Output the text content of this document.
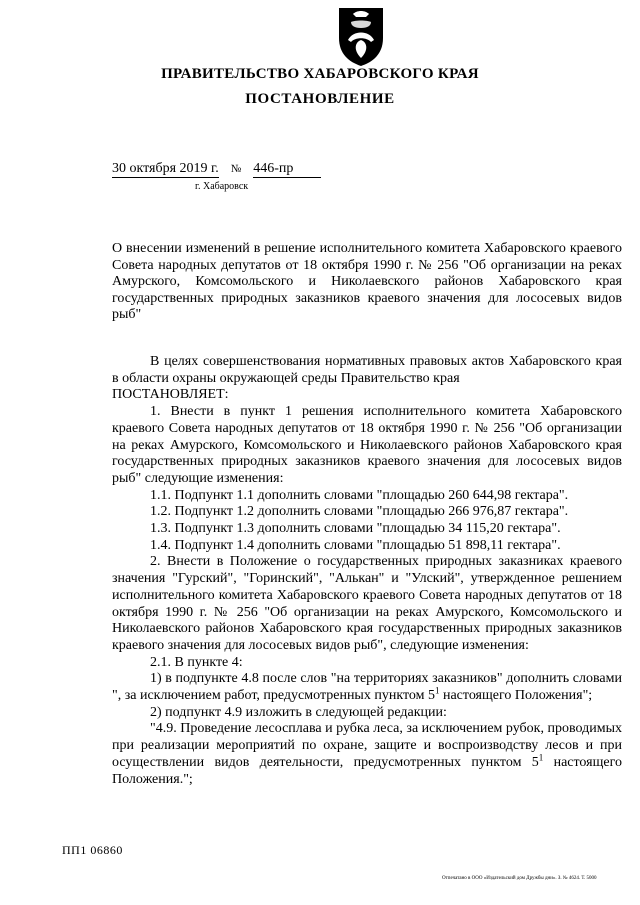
ПРАВИТЕЛЬСТВО ХАБАРОВСКОГО КРАЯ
ПОСТАНОВЛЕНИЕ
30 октября 2019 г. № 446-пр
г. Хабаровск
О внесении изменений в решение исполнительного комитета Хабаровского краевого Совета народных депутатов от 18 октября 1990 г. № 256 "Об организации на реках Амурского, Комсомольского и Николаевского районов Хабаровского края государственных природных заказников краевого значения для лососевых видов рыб"

В целях совершенствования нормативных правовых актов Хабаровского края в области охраны окружающей среды Правительство края

ПОСТАНОВЛЯЕТ:

1. Внести в пункт 1 решения исполнительного комитета Хабаровского краевого Совета народных депутатов от 18 октября 1990 г. № 256 "Об организации на реках Амурского, Комсомольского и Николаевского районов Хабаровского края государственных природных заказников краевого значения для лососевых видов рыб" следующие изменения:

1.1. Подпункт 1.1 дополнить словами "площадью 260 644,98 гектара".

1.2. Подпункт 1.2 дополнить словами "площадью 266 976,87 гектара".

1.3. Подпункт 1.3 дополнить словами "площадью 34 115,20 гектара".

1.4. Подпункт 1.4 дополнить словами "площадью 51 898,11 гектара".

2. Внести в Положение о государственных природных заказниках краевого значения "Гурский", "Горинский", "Алькан" и "Улский", утвержденное решением исполнительного комитета Хабаровского краевого Совета народных депутатов от 18 октября 1990 г. № 256 "Об организации на реках Амурского, Комсомольского и Николаевского районов Хабаровского края государственных природных заказников краевого значения для лососевых видов рыб", следующие изменения:

2.1. В пункте 4:

1) в подпункте 4.8 после слов "на территориях заказников" дополнить словами ", за исключением работ, предусмотренных пунктом $5^1$ настоящего Положения";

2) подпункт 4.9 изложить в следующей редакции:

"4.9. Проведение лесосплава и рубка леса, за исключением рубок, проводимых при реализации мероприятий по охране, защите и воспроизводству лесов и при осуществлении видов деятельности, предусмотренных пунктом $5^1$ настоящего Положения.";

ПП1 06860
Отпечатано в ООО «Издательский дом Дружбы дни». З. № 4624. Т. 5000
